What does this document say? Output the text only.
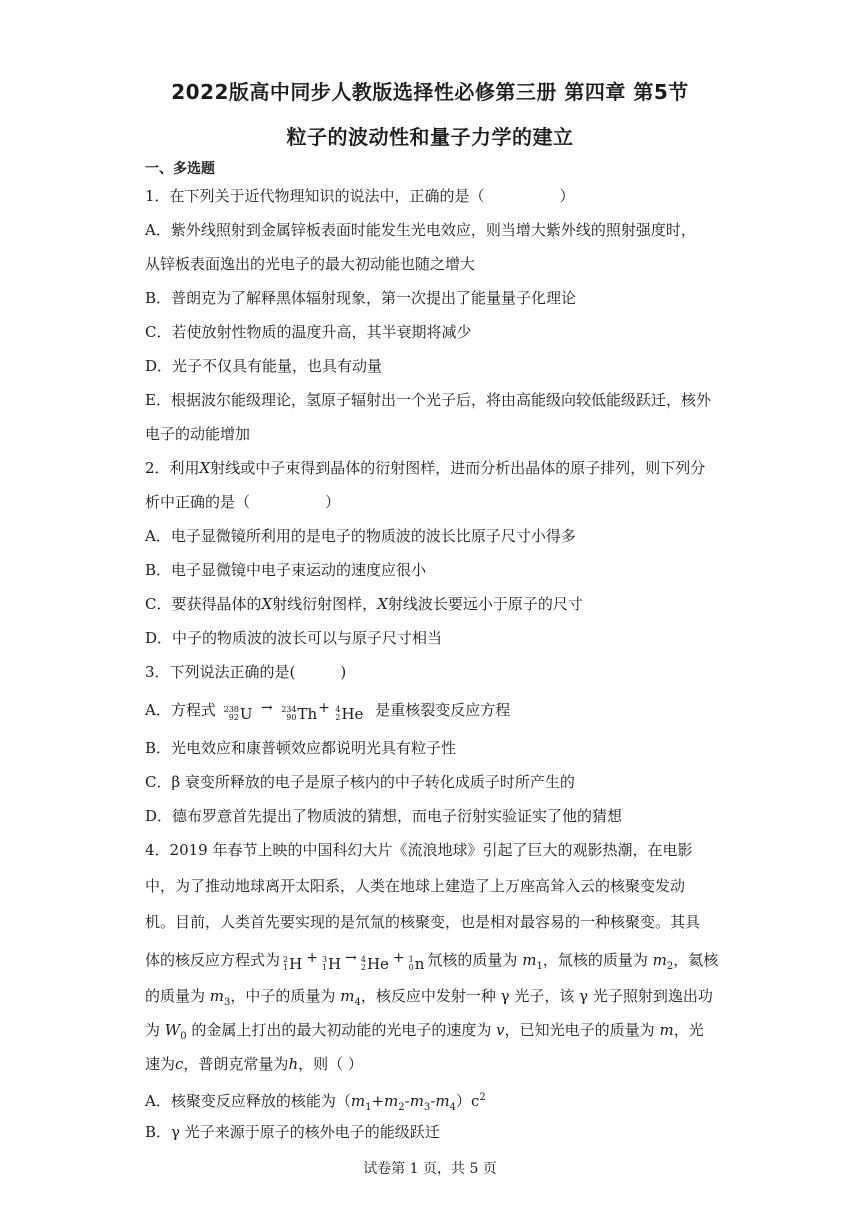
2022版高中同步人教版选择性必修第三册 第四章 第5节
粒子的波动性和量子力学的建立
一、多选题
1．在下列关于近代物理知识的说法中，正确的是（　　　　　）
A．紫外线照射到金属锌板表面时能发生光电效应，则当增大紫外线的照射强度时，
从锌板表面逸出的光电子的最大初动能也随之增大
B．普朗克为了解释黑体辐射现象，第一次提出了能量量子化理论
C．若使放射性物质的温度升高，其半衰期将减少
D．光子不仅具有能量，也具有动量
E．根据波尔能级理论，氢原子辐射出一个光子后，将由高能级向较低能级跃迁，核外
电子的动能增加
2．利用X射线或中子束得到晶体的衍射图样，进而分析出晶体的原子排列，则下列分
析中正确的是（　　　　　）
A．电子显微镜所利用的是电子的物质波的波长比原子尺寸小得多
B．电子显微镜中电子束运动的速度应很小
C．要获得晶体的X射线衍射图样，X射线波长要远小于原子的尺寸
D．中子的物质波的波长可以与原子尺寸相当
3．下列说法正确的是(　　　)
A．方程式 238
92 U → 234
90 Th + 4
2 He 是重核裂变反应方程
B．光电效应和康普顿效应都说明光具有粒子性
C．β 衰变所释放的电子是原子核内的中子转化成质子时所产生的
D．德布罗意首先提出了物质波的猜想，而电子衍射实验证实了他的猜想
4．2019 年春节上映的中国科幻大片《流浪地球》引起了巨大的观影热潮，在电影
中，为了推动地球离开太阳系，人类在地球上建造了上万座高耸入云的核聚变发动
机。目前，人类首先要实现的是氘氚的核聚变，也是相对最容易的一种核聚变。其具
体的核反应方程式为 2
1 H + 3
1 H → 4
2 He + 1
0 n 氘核的质量为 $m_1$，氚核的质量为 $m_2$，氦核
的质量为 $m_3$，中子的质量为 $m_4$，核反应中发射一种 γ 光子，该 γ 光子照射到逸出功
为 $W_0$ 的金属上打出的最大初动能的光电子的速度为 v，已知光电子的质量为 m，光
速为c，普朗克常量为h，则（ ）
A．核聚变反应释放的核能为$(m_1+m_2-m_3-m_4)c^2$
B．γ 光子来源于原子的核外电子的能级跃迁
试卷第 1 页，共 5 页
